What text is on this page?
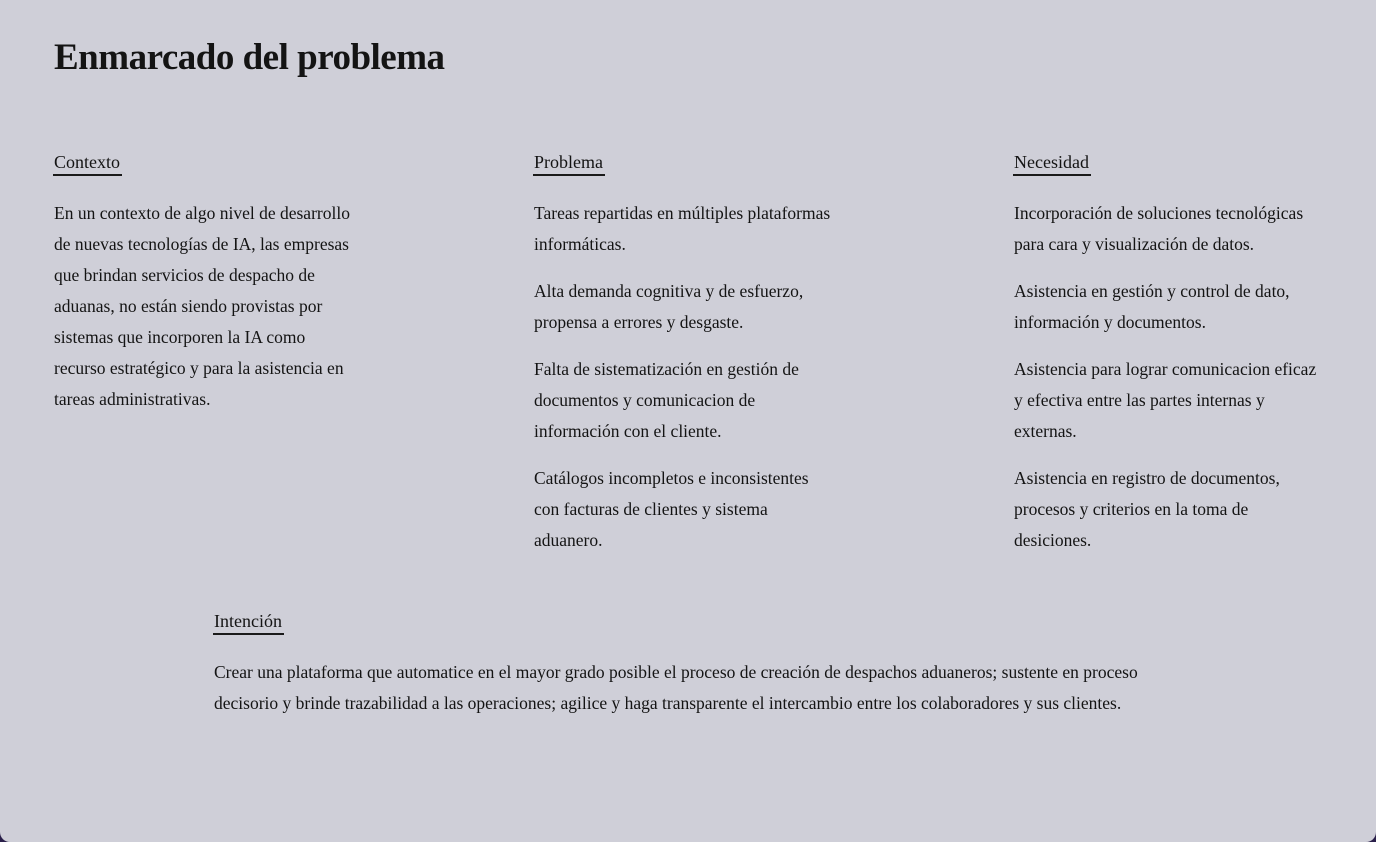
Enmarcado del problema
Contexto

En un contexto de algo nivel de desarrollo de nuevas tecnologías de IA, las empresas que brindan servicios de despacho de aduanas, no están siendo provistas por sistemas que incorporen la IA como recurso estratégico y para la asistencia en tareas administrativas.

Problema

Tareas repartidas en múltiples plataformas informáticas.

Alta demanda cognitiva y de esfuerzo, propensa a errores y desgaste.

Falta de sistematización en gestión de documentos y comunicacion de información con el cliente.

Catálogos incompletos e inconsistentes con facturas de clientes y sistema aduanero.

Necesidad

Incorporación de soluciones tecnológicas para cara y visualización de datos.

Asistencia en gestión y control de dato, información y documentos.

Asistencia para lograr comunicacion eficaz y efectiva entre las partes internas y externas.

Asistencia en registro de documentos, procesos y criterios en la toma de desiciones.

Intención

Crear una plataforma que automatice en el mayor grado posible el proceso de creación de despachos aduaneros; sustente en proceso decisorio y brinde trazabilidad a las operaciones; agilice y haga transparente el intercambio entre los colaboradores y sus clientes.
